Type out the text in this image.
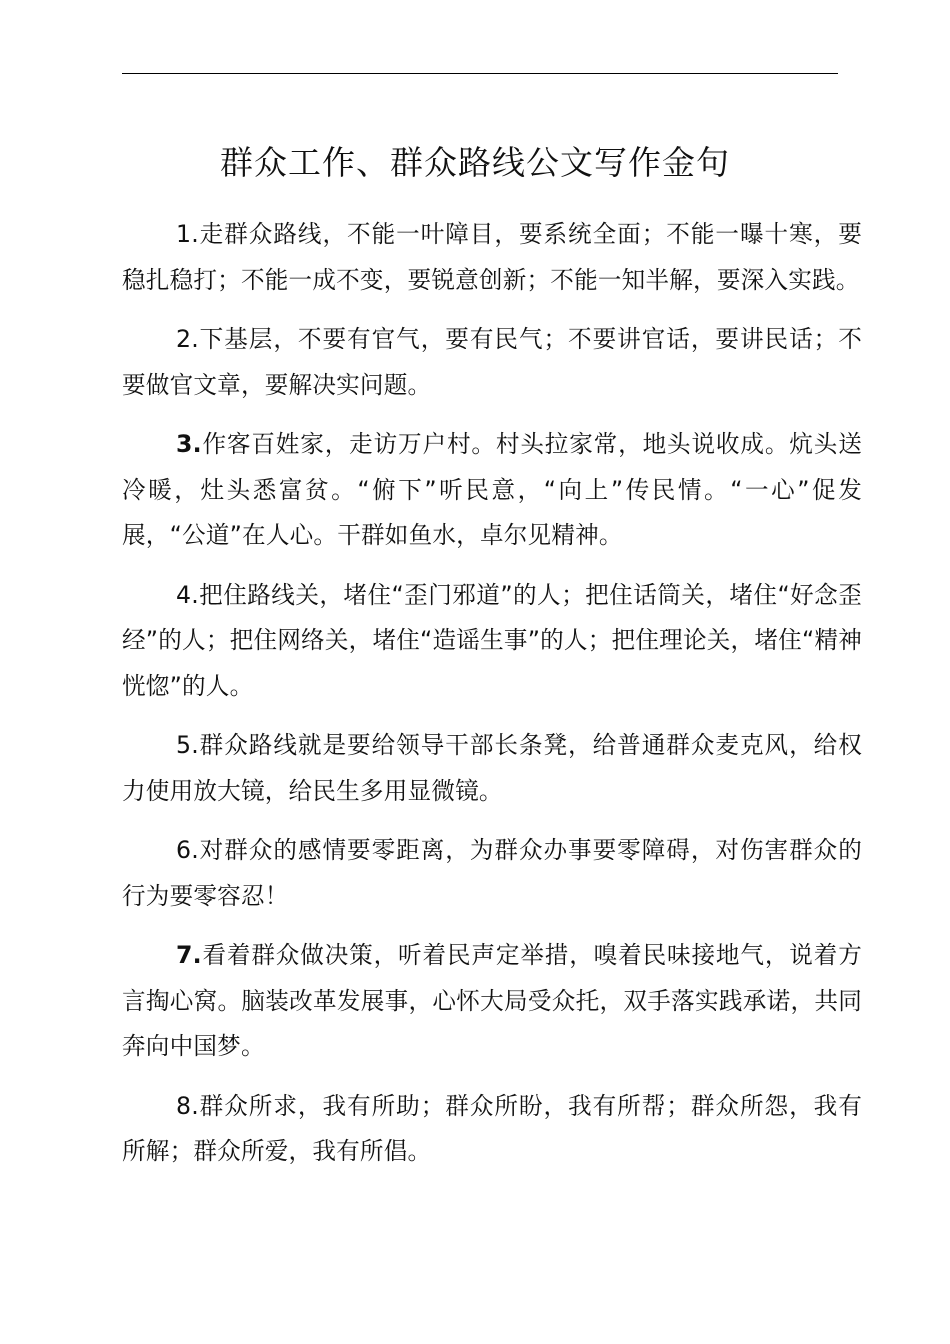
群众工作、群众路线公文写作金句

1.走群众路线，不能一叶障目，要系统全面；不能一曝十寒，要稳扎稳打；不能一成不变，要锐意创新；不能一知半解，要深入实践。

2.下基层，不要有官气，要有民气；不要讲官话，要讲民话；不要做官文章，要解决实问题。

3.作客百姓家，走访万户村。村头拉家常，地头说收成。炕头送冷暖，灶头悉富贫。“俯下”听民意，“向上”传民情。“一心”促发展，“公道”在人心。干群如鱼水，卓尔见精神。

4.把住路线关，堵住“歪门邪道”的人；把住话筒关，堵住“好念歪经”的人；把住网络关，堵住“造谣生事”的人；把住理论关，堵住“精神恍惚”的人。

5.群众路线就是要给领导干部长条凳，给普通群众麦克风，给权力使用放大镜，给民生多用显微镜。

6.对群众的感情要零距离，为群众办事要零障碍，对伤害群众的行为要零容忍！

7.看着群众做决策，听着民声定举措，嗅着民味接地气，说着方言掏心窝。脑装改革发展事，心怀大局受众托，双手落实践承诺，共同奔向中国梦。

8.群众所求，我有所助；群众所盼，我有所帮；群众所怨，我有所解；群众所爱，我有所倡。
